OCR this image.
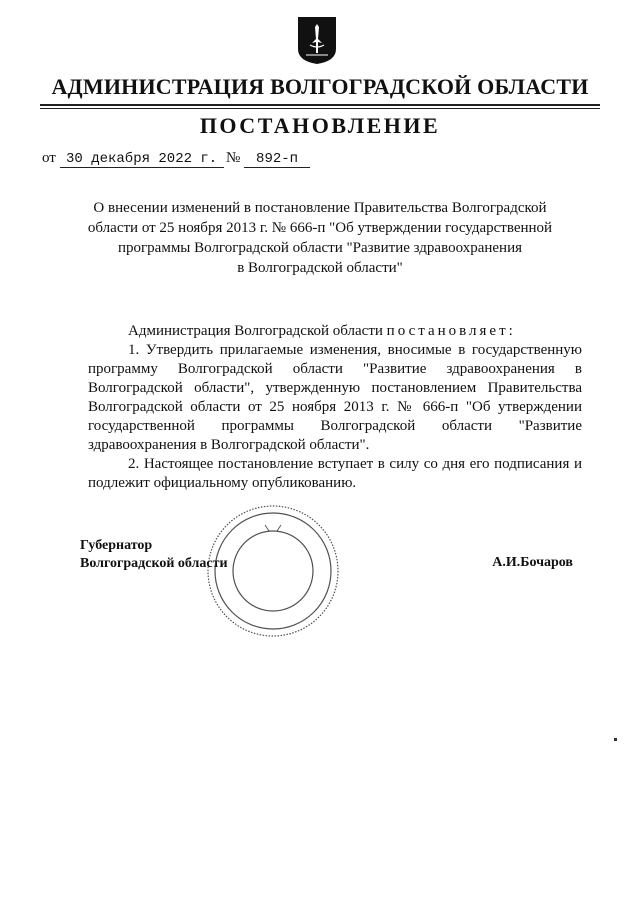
АДМИНИСТРАЦИЯ ВОЛГОГРАДСКОЙ ОБЛАСТИ
ПОСТАНОВЛЕНИЕ
от 30 декабря 2022 г. № 892-п
О внесении изменений в постановление Правительства Волгоградской
области от 25 ноября 2013 г. № 666-п "Об утверждении государственной
программы Волгоградской области "Развитие здравоохранения
в Волгоградской области"

Администрация Волгоградской области постановляет:

1. Утвердить прилагаемые изменения, вносимые в государственную программу Волгоградской области "Развитие здравоохранения в Волгоградской области", утвержденную постановлением Правительства Волгоградской области от 25 ноября 2013 г. № 666-п "Об утверждении государственной программы Волгоградской области "Развитие здравоохранения в Волгоградской области".

2. Настоящее постановление вступает в силу со дня его подписания и подлежит официальному опубликованию.

Губернатор
Волгоградской области	А.И.Бочаров
